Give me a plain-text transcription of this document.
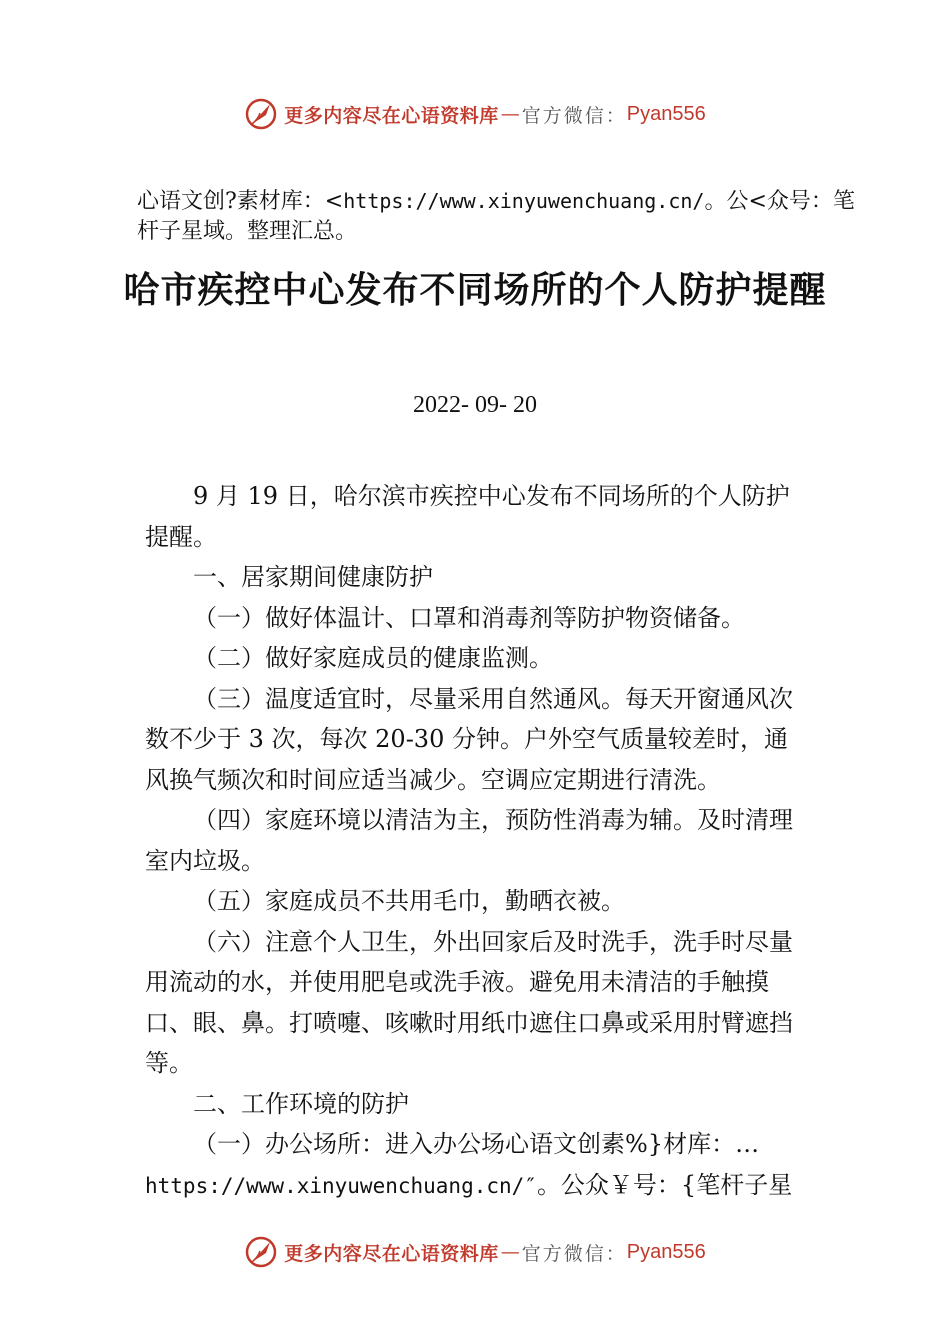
更多内容尽在心语资料库 — 官方微信： Pyan556
心语文创?素材库：<https://www.xinyuwenchuang.cn/。公<众号：笔杆子星域。整理汇总。
哈市疾控中心发布不同场所的个人防护提醒
2022- 09- 20

9 月 19 日，哈尔滨市疾控中心发布不同场所的个人防护提醒。

一、居家期间健康防护

（一）做好体温计、口罩和消毒剂等防护物资储备。

（二）做好家庭成员的健康监测。

（三）温度适宜时，尽量采用自然通风。每天开窗通风次数不少于 3 次，每次 20-30 分钟。户外空气质量较差时，通风换气频次和时间应适当减少。空调应定期进行清洗。

（四）家庭环境以清洁为主，预防性消毒为辅。及时清理室内垃圾。

（五）家庭成员不共用毛巾，勤晒衣被。

（六）注意个人卫生，外出回家后及时洗手，洗手时尽量用流动的水，并使用肥皂或洗手液。避免用未清洁的手触摸口、眼、鼻。打喷嚏、咳嗽时用纸巾遮住口鼻或采用肘臂遮挡等。

二、工作环境的防护

（一）办公场所：进入办公场心语文创素%}材库：…https://www.xinyuwenchuang.cn/″。公众￥号：{笔杆子星

更多内容尽在心语资料库 — 官方微信： Pyan556
